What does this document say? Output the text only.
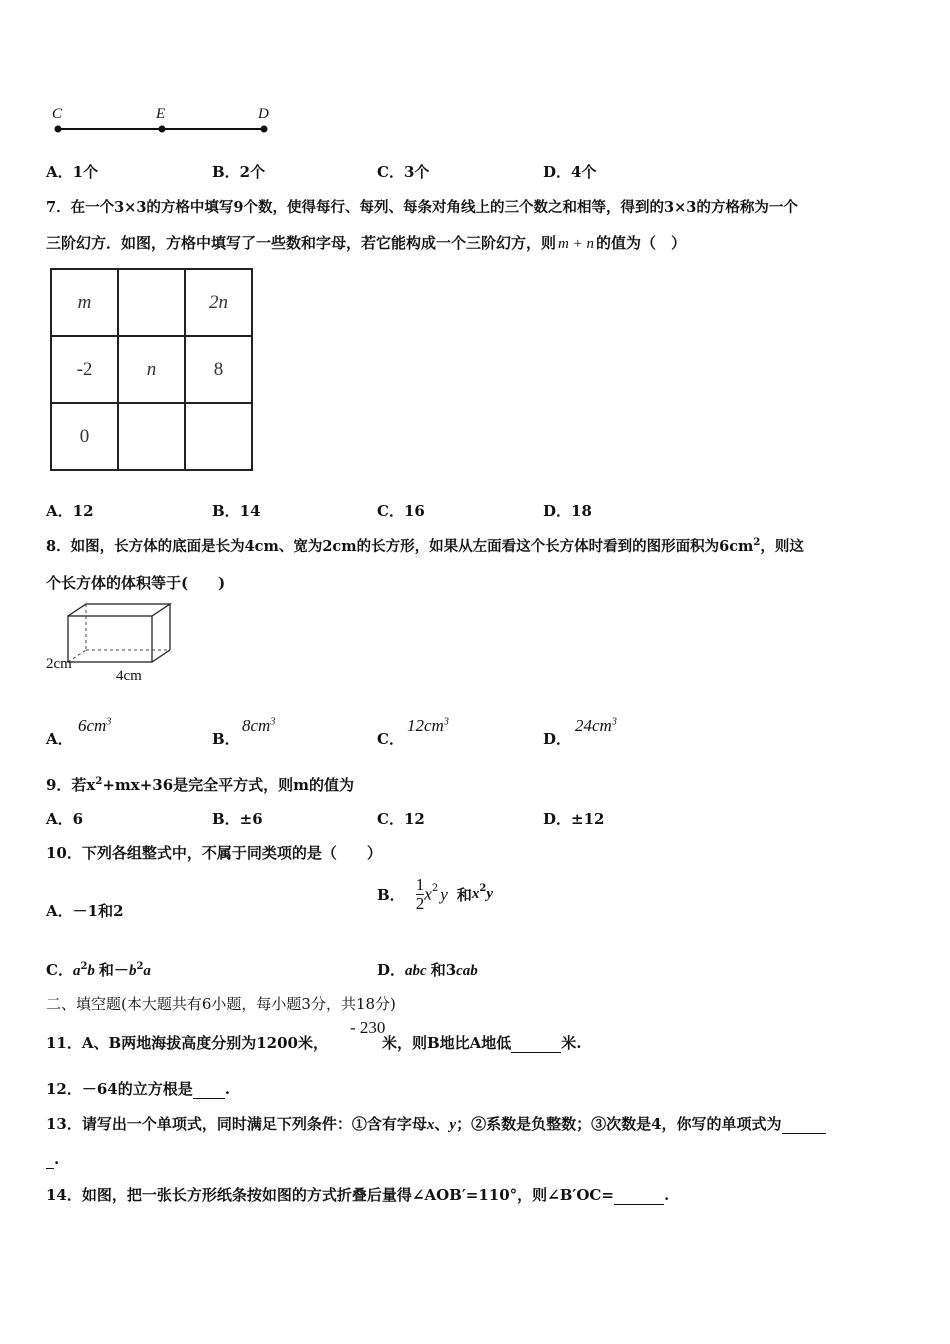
C	E	D
A．1个	B．2个	C．3个	D．4个
7．在一个3×3的方格中填写9个数，使得每行、每列、每条对角线上的三个数之和相等，得到的3×3的方格称为一个
三阶幻方．如图，方格中填写了一些数和字母，若它能构成一个三阶幻方，则 m + n 的值为（　）
m		2n
-2	n	8
0		
A．12	B．14	C．16	D．18
8．如图，长方体的底面是长为4cm、宽为2cm的长方形，如果从左面看这个长方体时看到的图形面积为$6cm^2$，则这
个长方体的体积等于(　　)
2cm
4cm
A．
$6cm^3$
B．
$8cm^3$
C．
$12cm^3$
D．
$24cm^3$
9．若$x^2+mx+36$是完全平方式，则m的值为
A．6	B．±6	C．12	D．±12
10．下列各组整式中，不属于同类项的是（　　）
A．－1和2
B． $\frac{1}{2} x^2$ y 和$x^2y$
C．$a^2b$ 和$-b^2a$	D．abc 和3cab
二、填空题(本大题共有6小题，每小题3分，共18分)
- 230
11．A、B两地海拔高度分别为1200米，	米，则B地比A地低	米.
12．－64的立方根是 .
13．请写出一个单项式，同时满足下列条件：①含有字母x、y；②系数是负整数；③次数是4，你写的单项式为
.
14．如图，把一张长方形纸条按如图的方式折叠后量得∠AOB′=110°，则∠B′OC=	.
